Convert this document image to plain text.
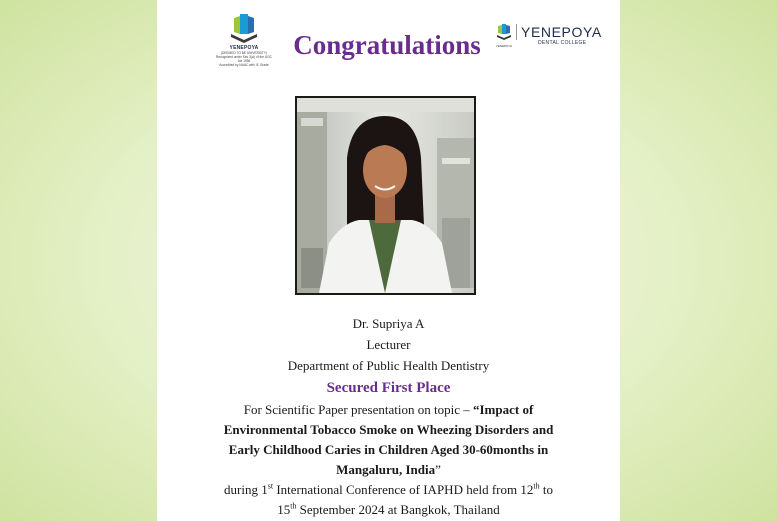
YENEPOYA
(DEEMED TO BE UNIVERSITY)
Recognized under Sec 3(A) of the UGC Act 1956
Accredited by NAAC with 'A' Grade
Congratulations	YENEPOYA
YENEPOYA
DENTAL COLLEGE
Dr. Supriya A
Lecturer
Department of Public Health Dentistry
Secured First Place
For Scientific Paper presentation on topic – “Impact of
Environmental Tobacco Smoke on Wheezing Disorders and
Early Childhood Caries in Children Aged 30-60months in
Mangaluru, India”
during 1st International Conference of IAPHD held from 12th to
15th September 2024 at Bangkok, Thailand
